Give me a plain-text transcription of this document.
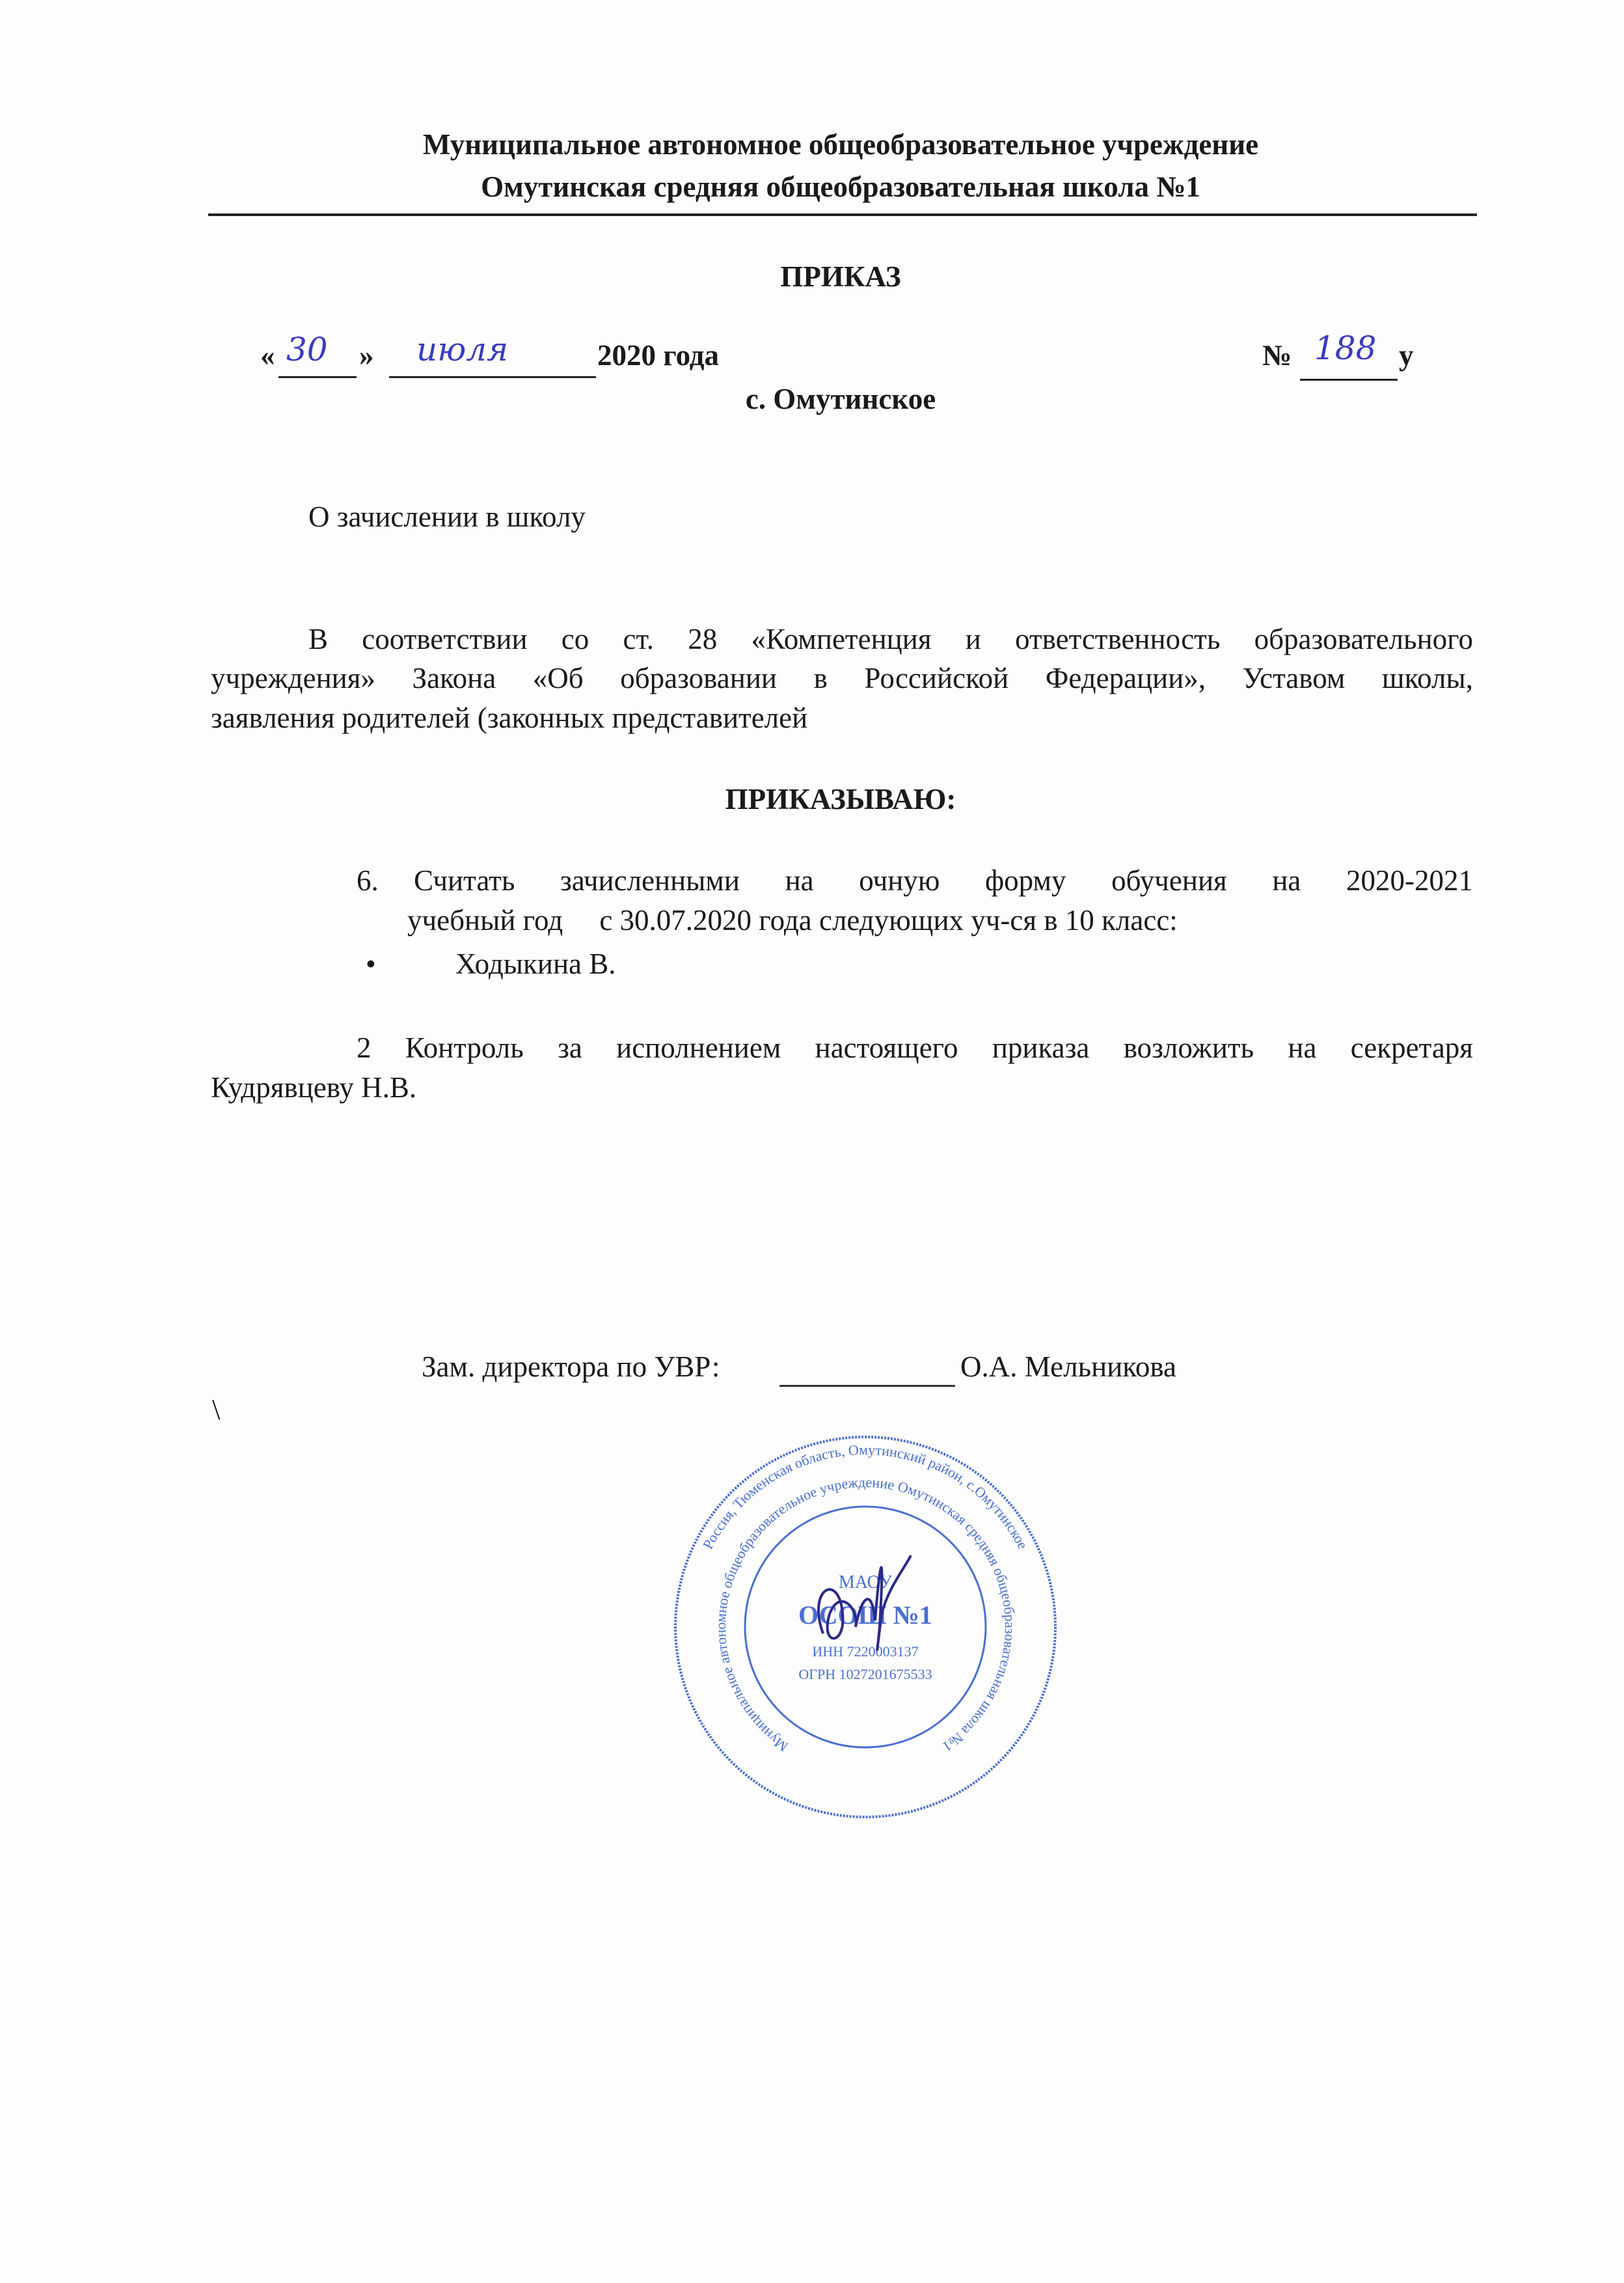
Муниципальное автономное общеобразовательное учреждение
Омутинская средняя общеобразовательная школа №1
ПРИКАЗ
« 30 » июля	2020 года	№ 188 у
с. Омутинское
О зачислении в школу
В соответствии со ст. 28 «Компетенция и ответственность образовательного
учреждения» Закона «Об образовании в Российской Федерации», Уставом школы,
заявления родителей (законных представителей
ПРИКАЗЫВАЮ:
6. Считать зачисленными на очную форму обучения на 2020-2021
учебный год     с 30.07.2020 года следующих уч-ся в 10 класс:
•	Ходыкина В.
2 Контроль за исполнением настоящего приказа возложить на секретаря
Кудрявцеву Н.В.
Зам. директора по УВР:	О.А. Мельникова
\
Россия, Тюменская область, Омутинский район, с.Омутинское
Муниципальное автономное общеобразовательное учреждение Омутинская средняя общеобразовательная школа №1
МАОУ
ОСОШ №1
ИНН 7220003137
ОГРН 1027201675533
